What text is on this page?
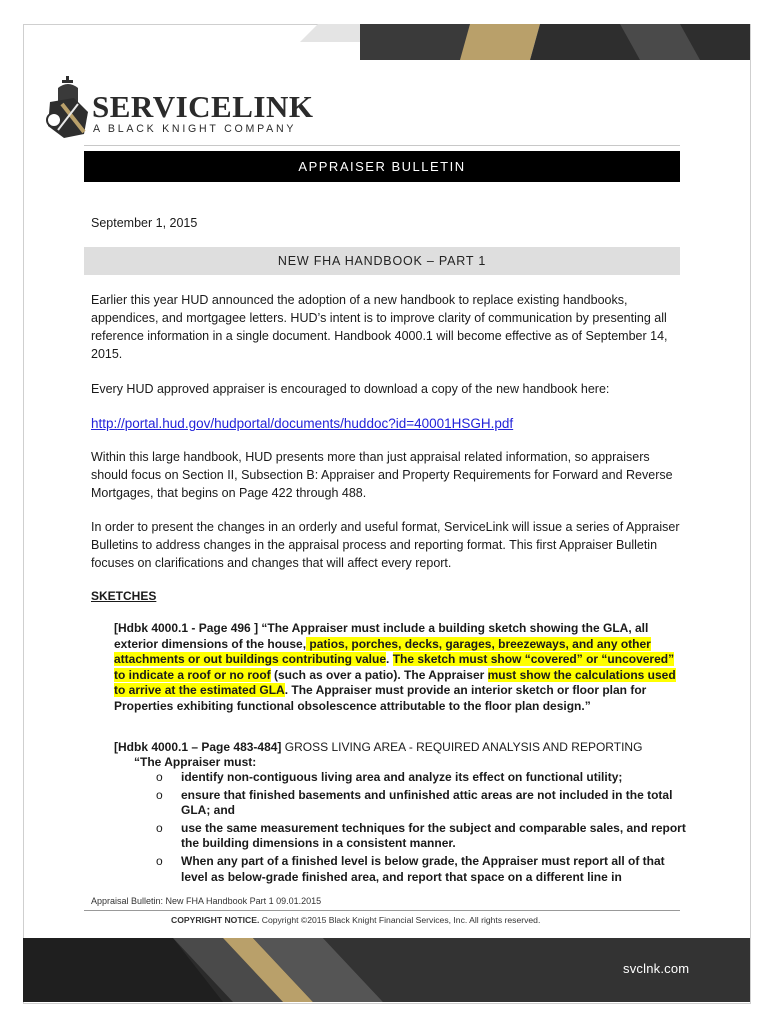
SERVICELINK
A BLACK KNIGHT COMPANY
APPRAISER BULLETIN
September 1, 2015
NEW FHA HANDBOOK – PART 1

Earlier this year HUD announced the adoption of a new handbook to replace existing handbooks, appendices, and mortgagee letters. HUD’s intent is to improve clarity of communication by presenting all reference information in a single document. Handbook 4000.1 will become effective as of September 14, 2015.

Every HUD approved appraiser is encouraged to download a copy of the new handbook here:

http://portal.hud.gov/hudportal/documents/huddoc?id=40001HSGH.pdf

Within this large handbook, HUD presents more than just appraisal related information, so appraisers should focus on Section II, Subsection B: Appraiser and Property Requirements for Forward and Reverse Mortgages, that begins on Page 422 through 488.

In order to present the changes in an orderly and useful format, ServiceLink will issue a series of Appraiser Bulletins to address changes in the appraisal process and reporting format. This first Appraiser Bulletin focuses on clarifications and changes that will affect every report.

SKETCHES

[Hdbk 4000.1 - Page 496 ] “The Appraiser must include a building sketch showing the GLA, all exterior dimensions of the house, patios, porches, decks, garages, breezeways, and any other attachments or out buildings contributing value. The sketch must show “covered” or “uncovered” to indicate a roof or no roof (such as over a patio). The Appraiser must show the calculations used to arrive at the estimated GLA. The Appraiser must provide an interior sketch or floor plan for Properties exhibiting functional obsolescence attributable to the floor plan design.”

[Hdbk 4000.1 – Page 483-484] GROSS LIVING AREA - REQUIRED ANALYSIS AND REPORTING

“The Appraiser must:

o identify non-contiguous living area and analyze its effect on functional utility;
o ensure that finished basements and unfinished attic areas are not included in the total GLA; and
o use the same measurement techniques for the subject and comparable sales, and report the building dimensions in a consistent manner.
o When any part of a finished level is below grade, the Appraiser must report all of that level as below-grade finished area, and report that space on a different line in
Appraisal Bulletin: New FHA Handbook Part 1 09.01.2015
COPYRIGHT NOTICE. Copyright ©2015 Black Knight Financial Services, Inc. All rights reserved.
svclnk.com
